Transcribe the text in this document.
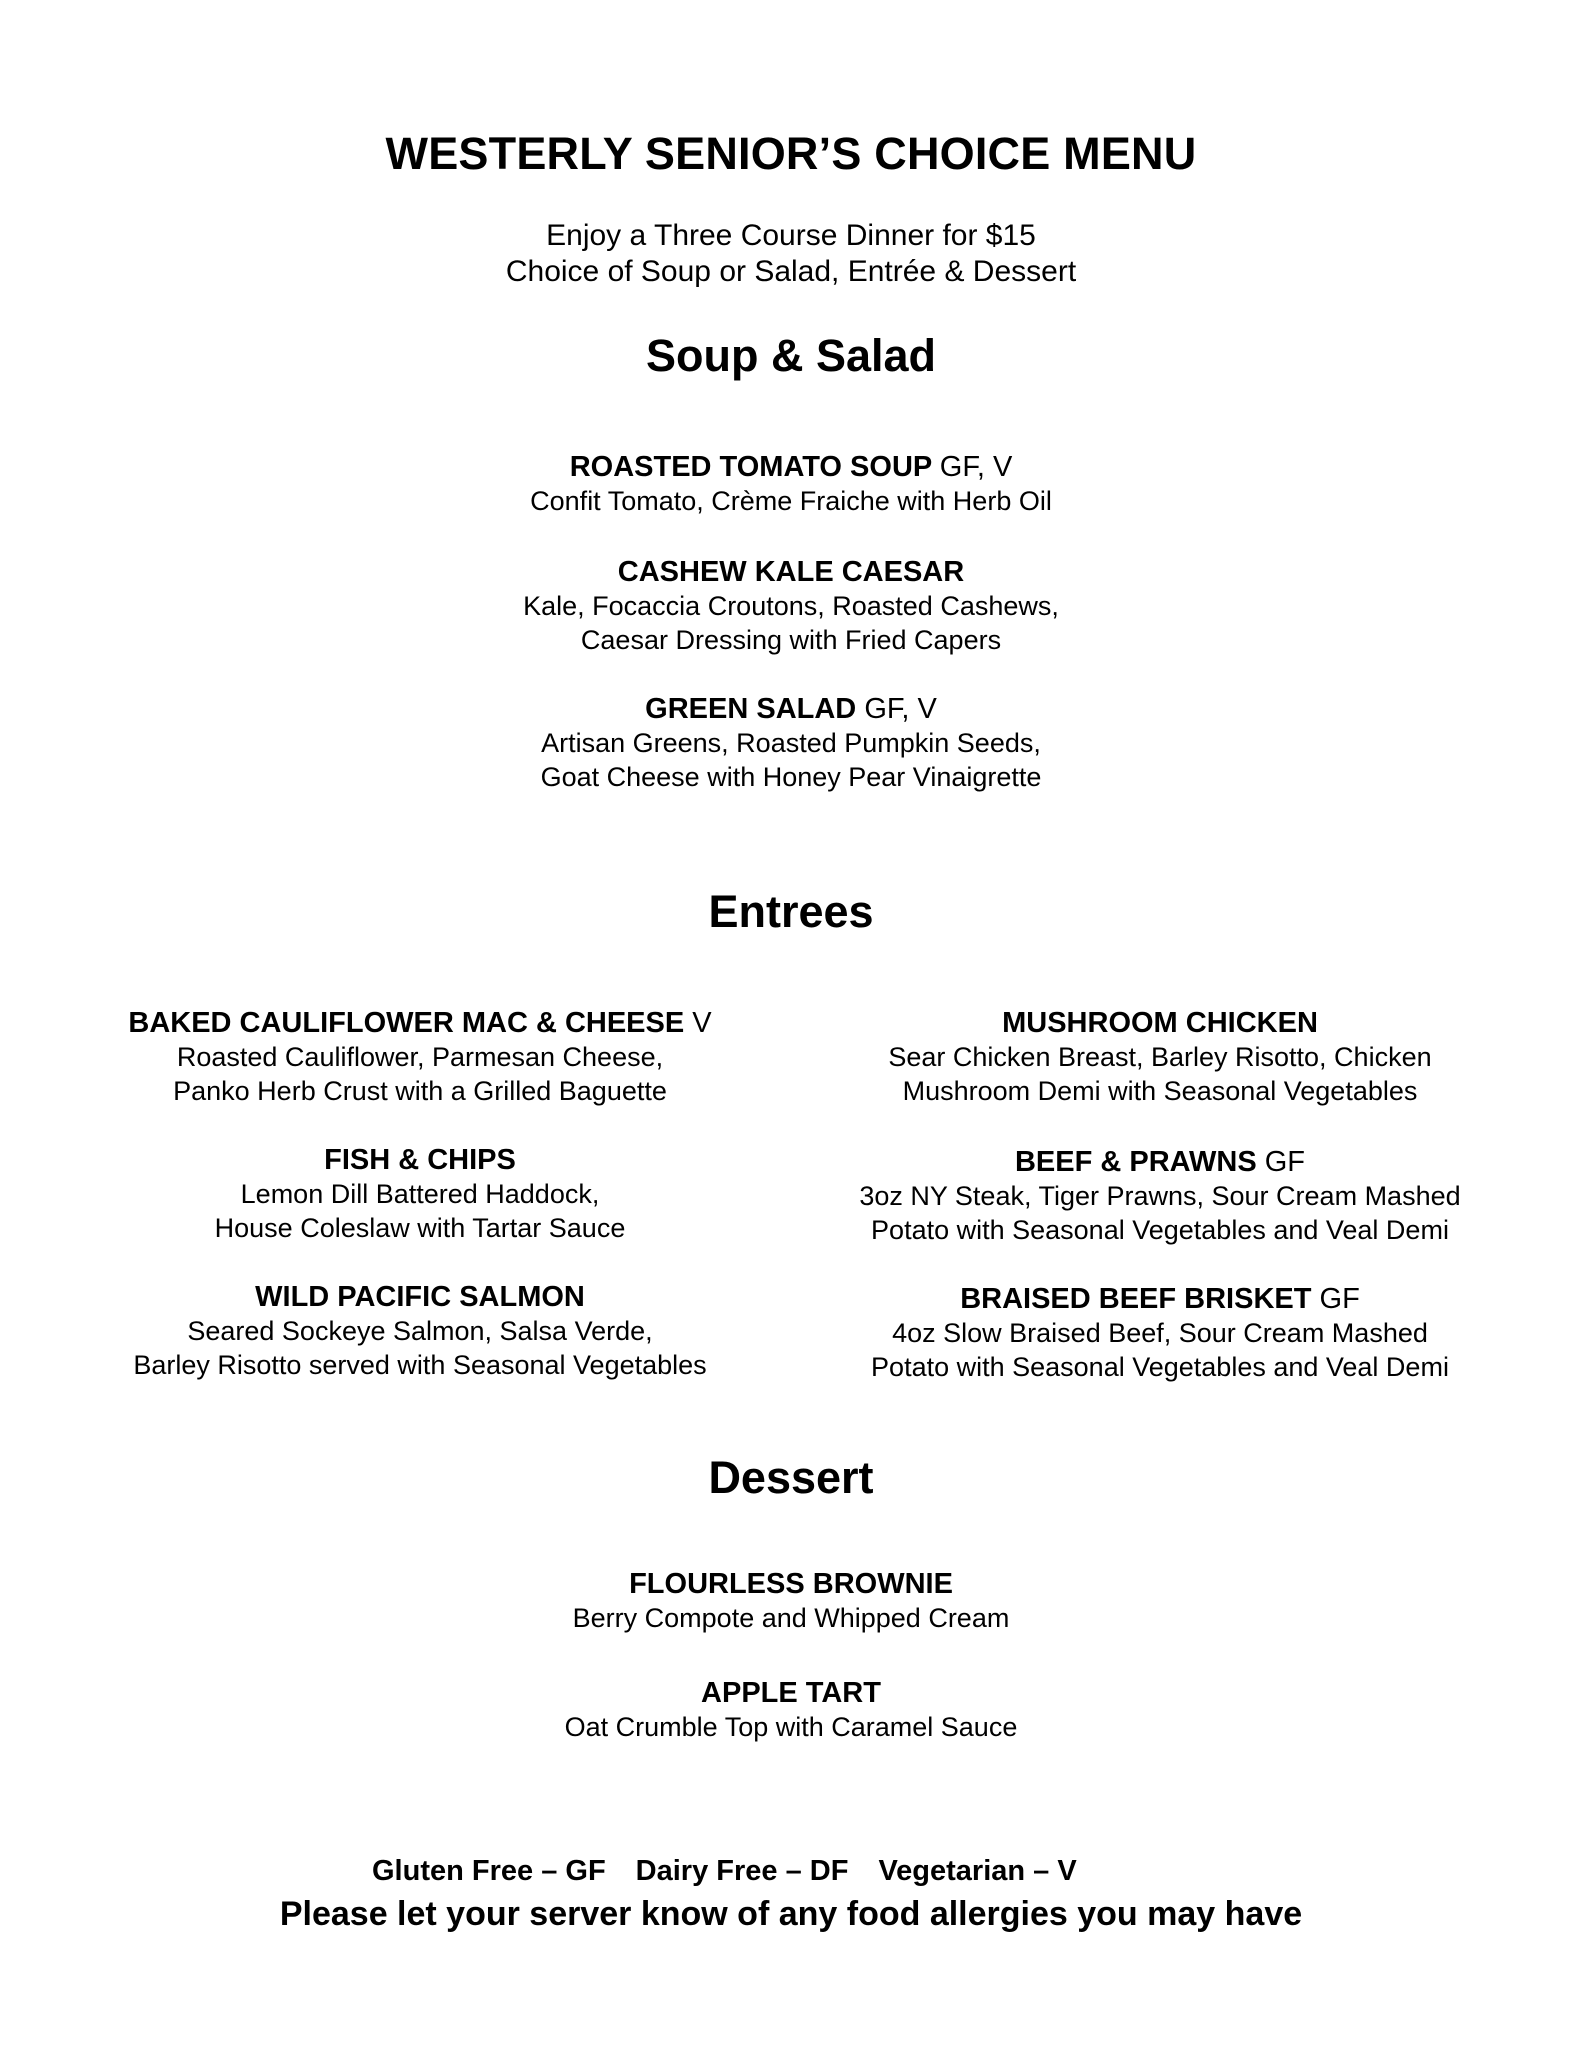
WESTERLY SENIOR’S CHOICE MENU
Enjoy a Three Course Dinner for $15
Choice of Soup or Salad, Entrée & Dessert
Soup & Salad
ROASTED TOMATO SOUP GF, V
Confit Tomato, Crème Fraiche with Herb Oil
CASHEW KALE CAESAR
Kale, Focaccia Croutons, Roasted Cashews,
Caesar Dressing with Fried Capers
GREEN SALAD GF, V
Artisan Greens, Roasted Pumpkin Seeds,
Goat Cheese with Honey Pear Vinaigrette
Entrees
BAKED CAULIFLOWER MAC & CHEESE V
Roasted Cauliflower, Parmesan Cheese,
Panko Herb Crust with a Grilled Baguette
FISH & CHIPS
Lemon Dill Battered Haddock,
House Coleslaw with Tartar Sauce
WILD PACIFIC SALMON
Seared Sockeye Salmon, Salsa Verde,
Barley Risotto served with Seasonal Vegetables
MUSHROOM CHICKEN
Sear Chicken Breast, Barley Risotto, Chicken
Mushroom Demi with Seasonal Vegetables
BEEF & PRAWNS GF
3oz NY Steak, Tiger Prawns, Sour Cream Mashed
Potato with Seasonal Vegetables and Veal Demi
BRAISED BEEF BRISKET GF
4oz Slow Braised Beef, Sour Cream Mashed
Potato with Seasonal Vegetables and Veal Demi
Dessert
FLOURLESS BROWNIE
Berry Compote and Whipped Cream
APPLE TART
Oat Crumble Top with Caramel Sauce
Gluten Free – GF Dairy Free – DF Vegetarian – V
Please let your server know of any food allergies you may have
